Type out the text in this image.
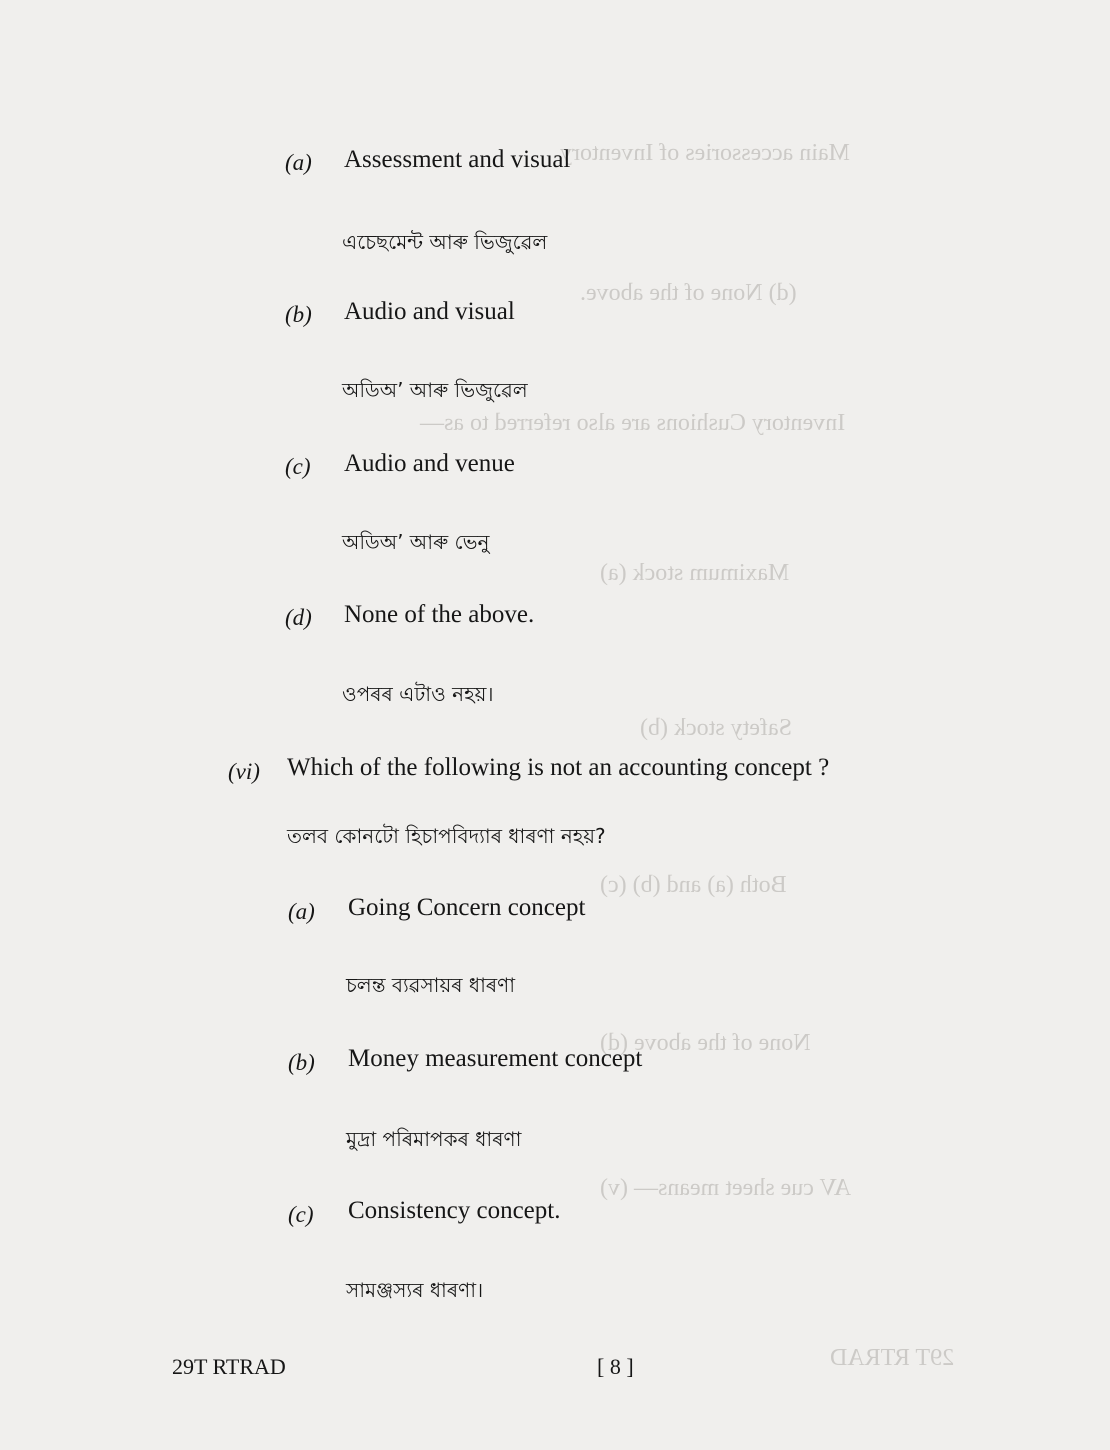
Main accessories of Inventory
(d) None of the above.
Inventory Cushions are also referred to as—
Maximum stock (a)
Safety stock (b)
Both (a) and (b) (c)
None of the above (d)
AV cue sheet means— (v)
29T RTRAD
(a) Assessment and visual
এচেছমেন্ট আৰু ভিজুৱেল
(b) Audio and visual
অডিঅ’ আৰু ভিজুৱেল
(c) Audio and venue
অডিঅ’ আৰু ভেনু
(d) None of the above.
ওপৰৰ এটাও নহয়।
(vi) Which of the following is not an accounting concept ?
তলব কোনটো হিচাপবিদ্যাৰ ধাৰণা নহয়?
(a) Going Concern concept
চলন্ত ব্যৱসায়ৰ ধাৰণা
(b) Money measurement concept
মুদ্ৰা পৰিমাপকৰ ধাৰণা
(c) Consistency concept.
সামঞ্জস্যৰ ধাৰণা।
29T RTRAD	[ 8 ]
